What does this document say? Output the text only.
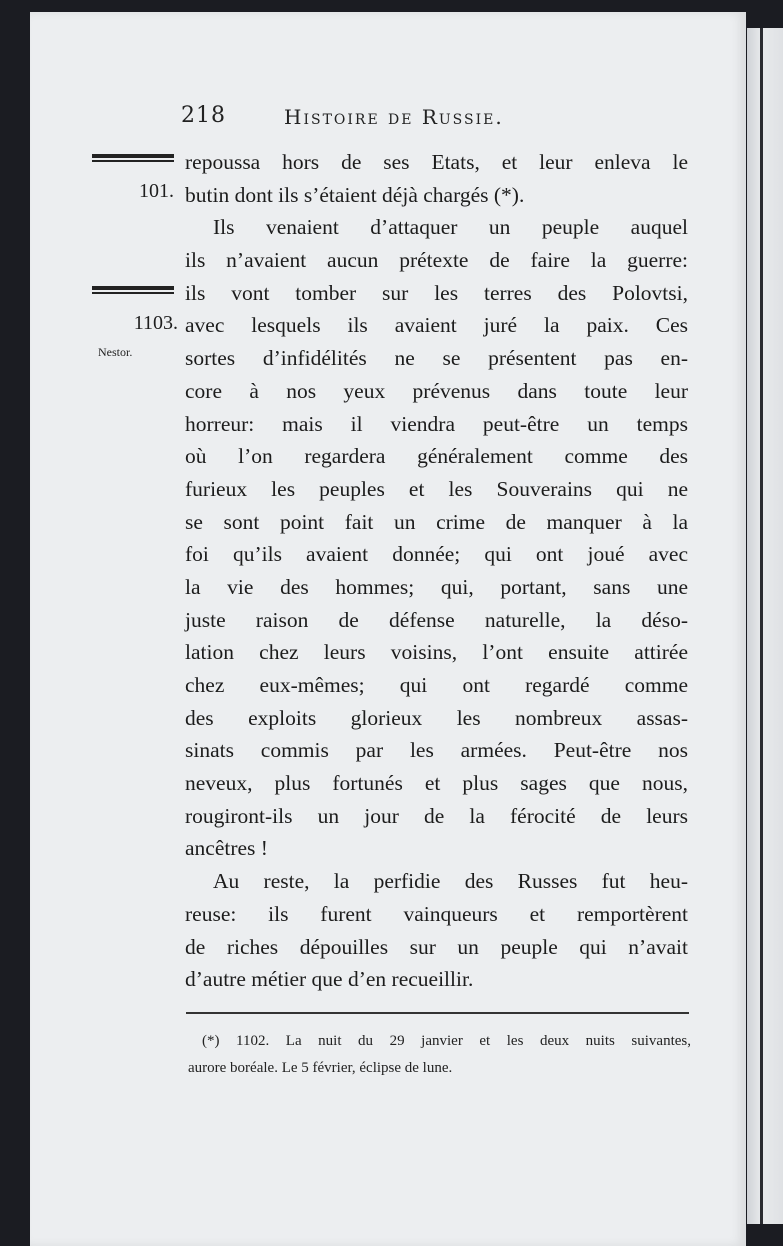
218	Histoire de Russie.
101.
1103.
Nestor.
repoussa hors de ses Etats, et leur enleva le
butin dont ils s’étaient déjà chargés (*).
Ils venaient d’attaquer un peuple auquel
ils n’avaient aucun prétexte de faire la guerre:
ils vont tomber sur les terres des Polovtsi,
avec lesquels ils avaient juré la paix. Ces
sortes d’infidélités ne se présentent pas en-
core à nos yeux prévenus dans toute leur
horreur: mais il viendra peut-être un temps
où l’on regardera généralement comme des
furieux les peuples et les Souverains qui ne
se sont point fait un crime de manquer à la
foi qu’ils avaient donnée; qui ont joué avec
la vie des hommes; qui, portant, sans une
juste raison de défense naturelle, la déso-
lation chez leurs voisins, l’ont ensuite attirée
chez eux-mêmes; qui ont regardé comme
des exploits glorieux les nombreux assas-
sinats commis par les armées. Peut-être nos
neveux, plus fortunés et plus sages que nous,
rougiront-ils un jour de la férocité de leurs
ancêtres !
Au reste, la perfidie des Russes fut heu-
reuse: ils furent vainqueurs et remportèrent
de riches dépouilles sur un peuple qui n’avait
d’autre métier que d’en recueillir.
(*) 1102. La nuit du 29 janvier et les deux nuits suivantes,
aurore boréale. Le 5 février, éclipse de lune.
